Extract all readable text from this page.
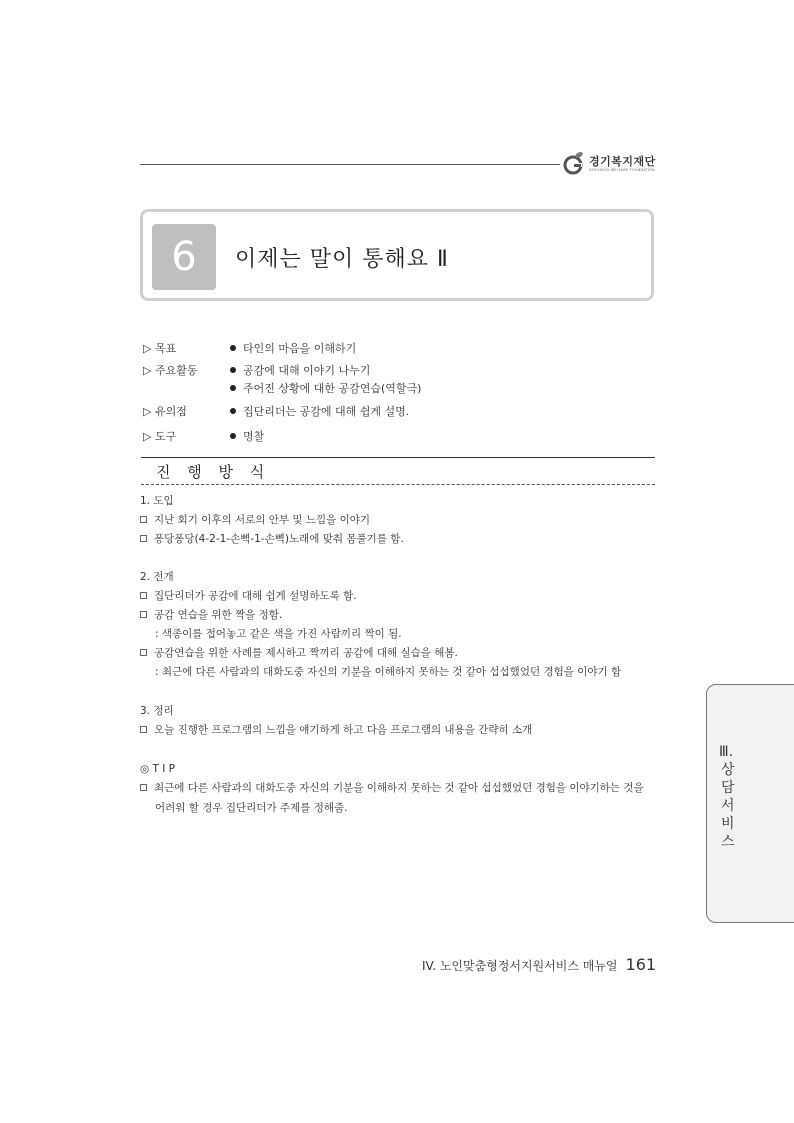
경기복지재단
GYEONGGI WELFARE FOUNDATION
6	이제는 말이 통해요 Ⅱ
▷ 목표	타인의 마음을 이해하기
▷ 주요활동	공감에 대해 이야기 나누기
주어진 상황에 대한 공감연습(역할극)
▷ 유의점	집단리더는 공감에 대해 쉽게 설명.
▷ 도구	명찰
진 행 방 식
1. 도입
지난 회기 이후의 서로의 안부 및 느낌을 이야기
퐁당퐁당(4-2-1-손뼉-1-손뼉)노래에 맞춰 몸풀기를 함.
2. 전개
집단리더가 공감에 대해 쉽게 설명하도록 함.
공감 연습을 위한 짝을 정함.
: 색종이를 접어놓고 같은 색을 가진 사람끼리 짝이 됨.
공감연습을 위한 사례를 제시하고 짝끼리 공감에 대해 실습을 해봄.
: 최근에 다른 사람과의 대화도중 자신의 기분을 이해하지 못하는 것 같아 섭섭했었던 경험을 이야기 함
3. 정리
오늘 진행한 프로그램의 느낌을 얘기하게 하고 다음 프로그램의 내용을 간략히 소개
◎ T I P
최근에 다른 사람과의 대화도중 자신의 기분을 이해하지 못하는 것 같아 섭섭했었던 경험을 이야기하는 것을
어려워 할 경우 집단리더가 주제를 정해줌.
Ⅲ.
상
담
서
비
스
IV. 노인맞춤형정서지원서비스 매뉴얼 161
